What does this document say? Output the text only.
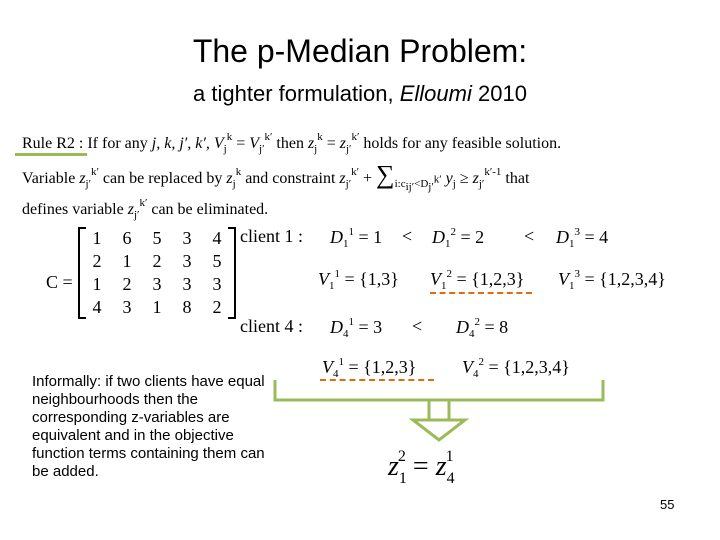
The p-Median Problem:
a tighter formulation, Elloumi 2010
Rule R2 : If for any j, k, j′, k′, $V_j^k = V_{j'}^{k'}$ then $z_j^k = z_{j'}^{k'}$ holds for any feasible solution.
Variable $z_{j'}^{k'}$ can be replaced by $z_j^k$ and constraint $z_{j'}^{k'} + \sum_{i:c_{ij'}<D_{j'}^{k'}}$ $y_j \ge z_{j'}^{k'-1}$ that
defines variable $z_{j'}^{k'}$ can be eliminated.
C =
1	6	5	3	4
2	1	2	3	5
1	2	3	3	3
4	3	1	8	2
client 1 : $D_1^1 = 1 < D_1^2 = 2 < D_1^3 = 4$
$V_1^1 = \{1,3\} V_1^2 = \{1,2,3\} V_1^3 = \{1,2,3,4\}$
client 4 : $D_4^1 = 3 < D_4^2 = 8$
$V_4^1 = \{1,2,3\}$	$V_4^2 = \{1,2,3,4\}$
$z_1^2 = z_4^1$
Informally: if two clients have equal neighbourhoods then the corresponding z-variables are equivalent and in the objective function terms containing them can be added.
55
